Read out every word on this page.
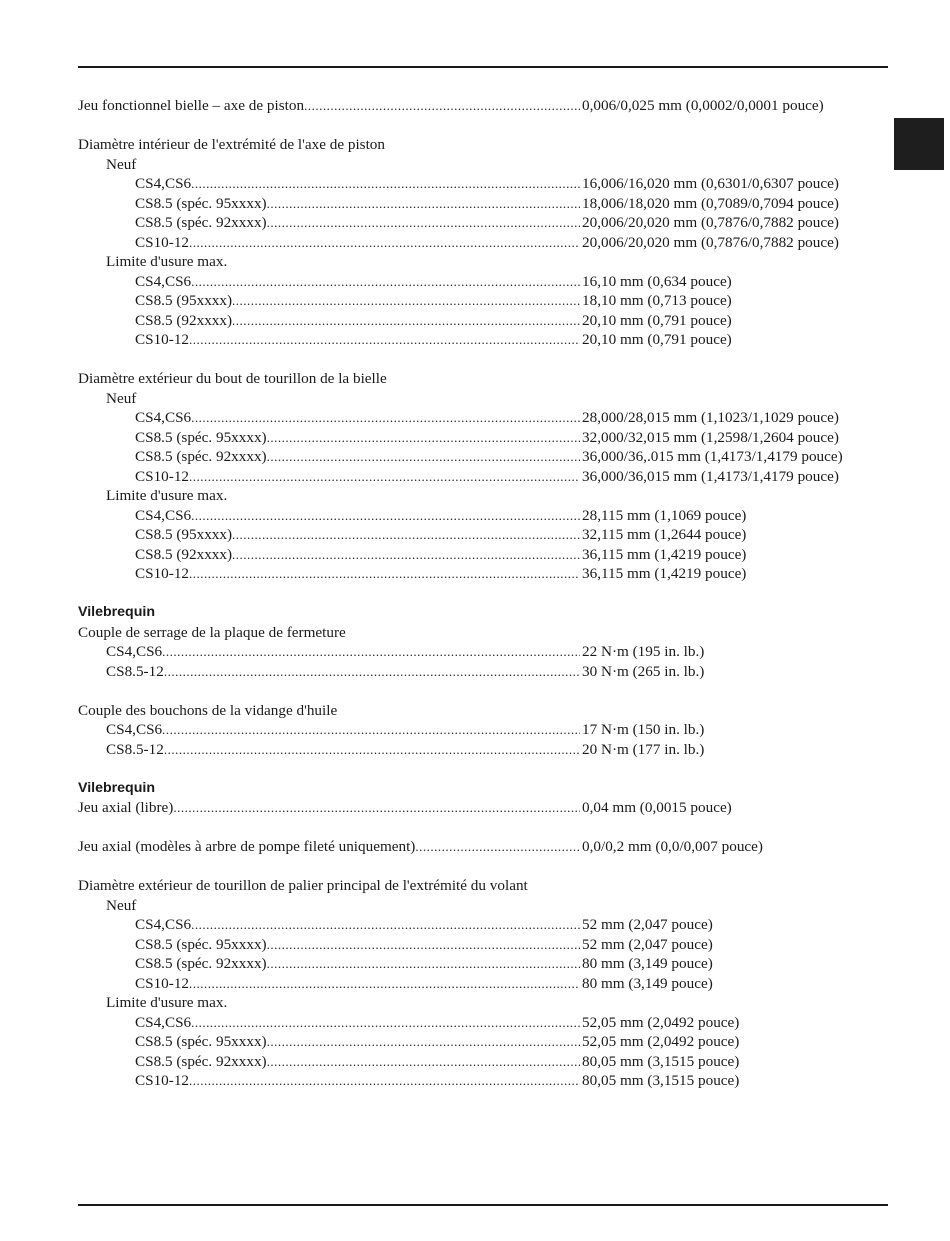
Jeu fonctionnel bielle – axe de piston .....	0,006/0,025 mm (0,0002/0,0001 pouce)
Diamètre intérieur de l'extrémité de l'axe de piston
Neuf
CS4,CS6 .....	16,006/16,020 mm (0,6301/0,6307 pouce)
CS8.5 (spéc. 95xxxx) .....	18,006/18,020 mm (0,7089/0,7094 pouce)
CS8.5 (spéc. 92xxxx) .....	20,006/20,020 mm (0,7876/0,7882 pouce)
CS10-12 .....	20,006/20,020 mm (0,7876/0,7882 pouce)
Limite d'usure max.
CS4,CS6 .....	16,10 mm (0,634 pouce)
CS8.5 (95xxxx) .....	18,10 mm (0,713 pouce)
CS8.5 (92xxxx) .....	20,10 mm (0,791 pouce)
CS10-12 .....	20,10 mm (0,791 pouce)
Diamètre extérieur du bout de tourillon de la bielle
Neuf
CS4,CS6 .....	28,000/28,015 mm (1,1023/1,1029 pouce)
CS8.5 (spéc. 95xxxx) .....	32,000/32,015 mm (1,2598/1,2604 pouce)
CS8.5 (spéc. 92xxxx) .....	36,000/36,.015 mm (1,4173/1,4179 pouce)
CS10-12 .....	36,000/36,015 mm (1,4173/1,4179 pouce)
Limite d'usure max.
CS4,CS6 .....	28,115 mm (1,1069 pouce)
CS8.5 (95xxxx) .....	32,115 mm (1,2644 pouce)
CS8.5 (92xxxx) .....	36,115 mm (1,4219 pouce)
CS10-12 .....	36,115 mm (1,4219 pouce)
Vilebrequin
Couple de serrage de la plaque de fermeture
CS4,CS6 .....	22 N·m (195 in. lb.)
CS8.5-12 .....	30 N·m (265 in. lb.)
Couple des bouchons de la vidange d'huile
CS4,CS6 .....	17 N·m (150 in. lb.)
CS8.5-12 .....	20 N·m (177 in. lb.)
Vilebrequin
Jeu axial (libre) .....	0,04 mm (0,0015 pouce)
Jeu axial (modèles à arbre de pompe fileté uniquement) .....	0,0/0,2 mm (0,0/0,007 pouce)
Diamètre extérieur de tourillon de palier principal de l'extrémité du volant
Neuf
CS4,CS6 .....	52 mm (2,047 pouce)
CS8.5 (spéc. 95xxxx) .....	52 mm (2,047 pouce)
CS8.5 (spéc. 92xxxx) .....	80 mm (3,149 pouce)
CS10-12 .....	80 mm (3,149 pouce)
Limite d'usure max.
CS4,CS6 .....	52,05 mm (2,0492 pouce)
CS8.5 (spéc. 95xxxx) .....	52,05 mm (2,0492 pouce)
CS8.5 (spéc. 92xxxx) .....	80,05 mm (3,1515 pouce)
CS10-12 .....	80,05 mm (3,1515 pouce)
